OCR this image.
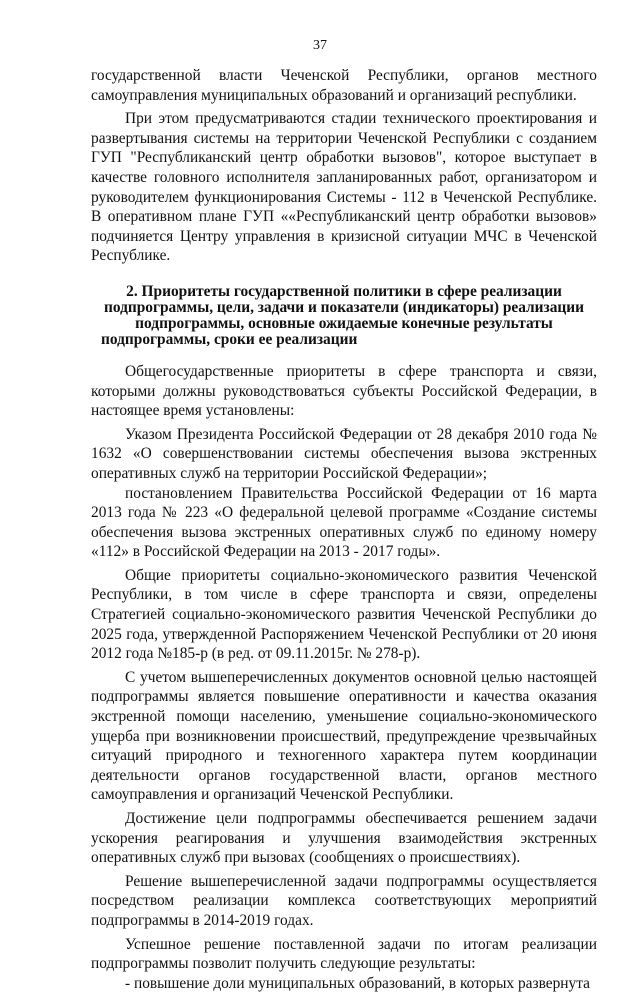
37

государственной власти Чеченской Республики, органов местного самоуправления муниципальных образований и организаций республики.

При этом предусматриваются стадии технического проектирования и развертывания системы на территории Чеченской Республики с созданием ГУП "Республиканский центр обработки вызовов", которое выступает в качестве головного исполнителя запланированных работ, организатором и руководителем функционирования Системы - 112 в Чеченской Республике. В оперативном плане ГУП ««Республиканский центр обработки вызовов» подчиняется Центру управления в кризисной ситуации МЧС в Чеченской Республике.

2. Приоритеты государственной политики в сфере реализации подпрограммы, цели, задачи и показатели (индикаторы) реализации подпрограммы, основные ожидаемые конечные результаты подпрограммы, сроки ее реализации

Общегосударственные приоритеты в сфере транспорта и связи, которыми должны руководствоваться субъекты Российской Федерации, в настоящее время установлены:

Указом Президента Российской Федерации от 28 декабря 2010 года № 1632 «О совершенствовании системы обеспечения вызова экстренных оперативных служб на территории Российской Федерации»;

постановлением Правительства Российской Федерации от 16 марта 2013 года № 223 «О федеральной целевой программе «Создание системы обеспечения вызова экстренных оперативных служб по единому номеру «112» в Российской Федерации на 2013 - 2017 годы».

Общие приоритеты социально-экономического развития Чеченской Республики, в том числе в сфере транспорта и связи, определены Стратегией социально-экономического развития Чеченской Республики до 2025 года, утвержденной Распоряжением Чеченской Республики от 20 июня 2012 года №185-р (в ред. от 09.11.2015г. № 278-р).

С учетом вышеперечисленных документов основной целью настоящей подпрограммы является повышение оперативности и качества оказания экстренной помощи населению, уменьшение социально-экономического ущерба при возникновении происшествий, предупреждение чрезвычайных ситуаций природного и техногенного характера путем координации деятельности органов государственной власти, органов местного самоуправления и организаций Чеченской Республики.

Достижение цели подпрограммы обеспечивается решением задачи ускорения реагирования и улучшения взаимодействия экстренных оперативных служб при вызовах (сообщениях о происшествиях).

Решение вышеперечисленной задачи подпрограммы осуществляется посредством реализации комплекса соответствующих мероприятий подпрограммы в 2014-2019 годах.

Успешное решение поставленной задачи по итогам реализации подпрограммы позволит получить следующие результаты:

- повышение доли муниципальных образований, в которых развернута
